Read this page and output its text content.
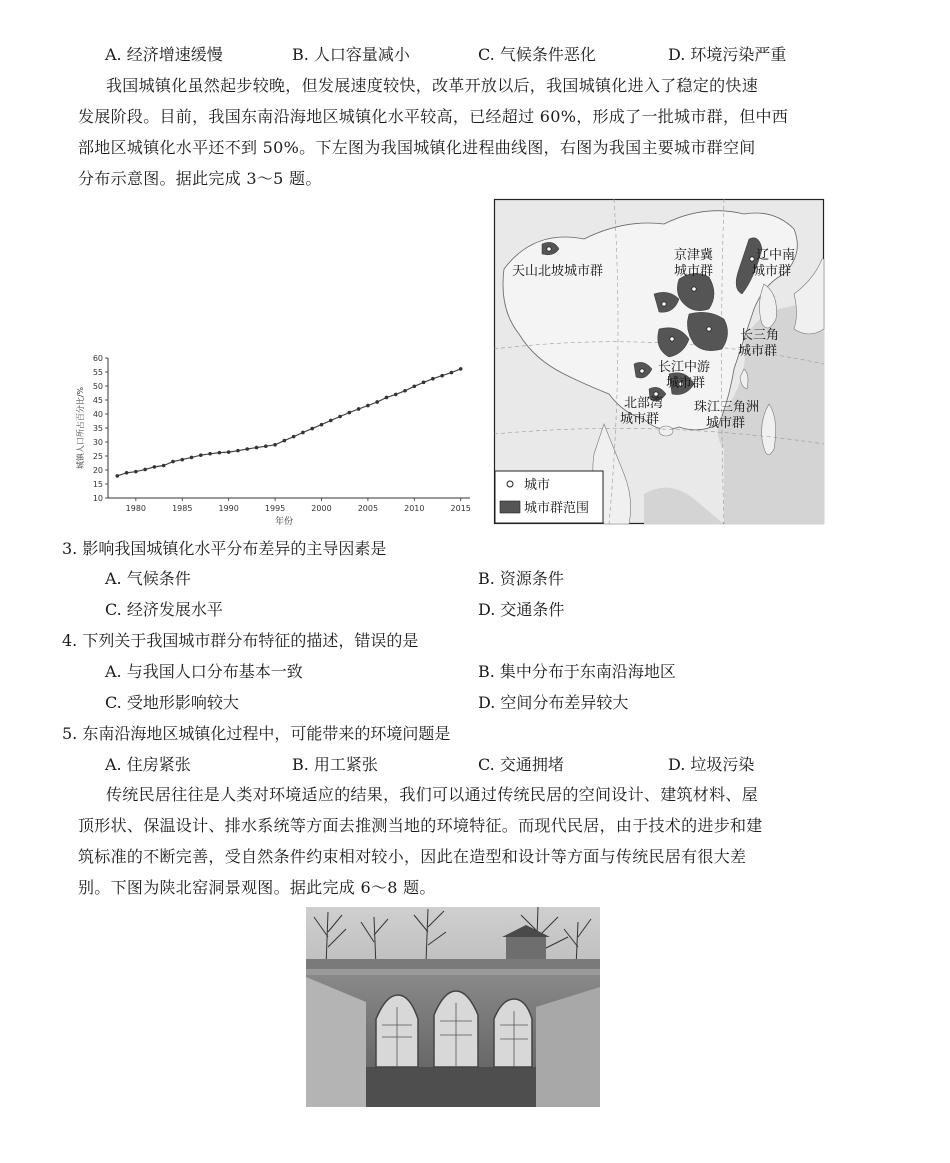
A. 经济增速缓慢	B. 人口容量减小	C. 气候条件恶化	D. 环境污染严重
我国城镇化虽然起步较晚，但发展速度较快，改革开放以后，我国城镇化进入了稳定的快速
发展阶段。目前，我国东南沿海地区城镇化水平较高，已经超过 60%，形成了一批城市群，但中西
部地区城镇化水平还不到 50%。下左图为我国城镇化进程曲线图，右图为我国主要城市群空间
分布示意图。据此完成 3～5 题。
10
15
20
25
30
35
40
45
50
55
60
1980	1985	1990	1995	2000	2005	2010	2015
城镇人口所占百分比/%
年份
天山北坡城市群
京津冀
城市群
辽中南
城市群
长三角
城市群
长江中游
城市群
北部湾
城市群
珠江三角洲
城市群
城市
城市群范围
3. 影响我国城镇化水平分布差异的主导因素是
A. 气候条件	B. 资源条件
C. 经济发展水平	D. 交通条件
4. 下列关于我国城市群分布特征的描述，错误的是
A. 与我国人口分布基本一致	B. 集中分布于东南沿海地区
C. 受地形影响较大	D. 空间分布差异较大
5. 东南沿海地区城镇化过程中，可能带来的环境问题是
A. 住房紧张	B. 用工紧张	C. 交通拥堵	D. 垃圾污染
传统民居往往是人类对环境适应的结果，我们可以通过传统民居的空间设计、建筑材料、屋
顶形状、保温设计、排水系统等方面去推测当地的环境特征。而现代民居，由于技术的进步和建
筑标准的不断完善，受自然条件约束相对较小，因此在造型和设计等方面与传统民居有很大差
别。下图为陕北窑洞景观图。据此完成 6～8 题。
